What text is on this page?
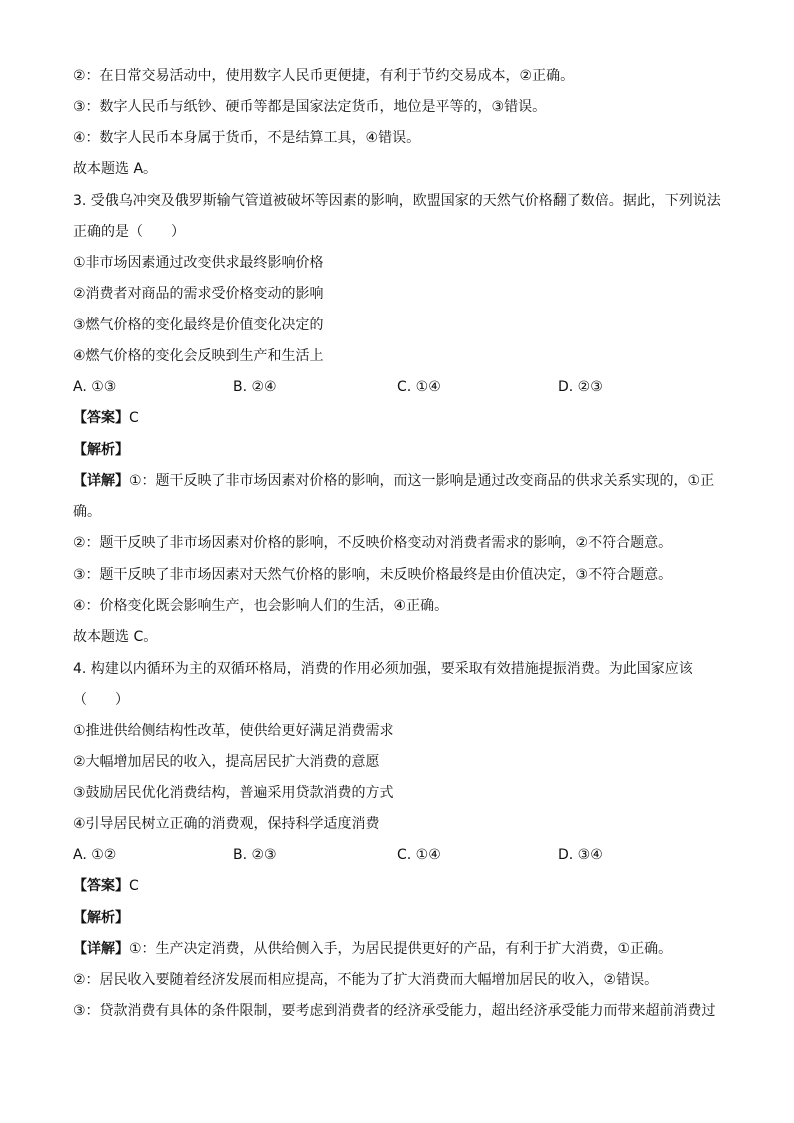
②：在日常交易活动中，使用数字人民币更便捷，有利于节约交易成本，②正确。
③：数字人民币与纸钞、硬币等都是国家法定货币，地位是平等的，③错误。
④：数字人民币本身属于货币，不是结算工具，④错误。
故本题选 A。
3. 受俄乌冲突及俄罗斯输气管道被破坏等因素的影响，欧盟国家的天然气价格翻了数倍。据此，下列说法
正确的是（　　）
①非市场因素通过改变供求最终影响价格
②消费者对商品的需求受价格变动的影响
③燃气价格的变化最终是价值变化决定的
④燃气价格的变化会反映到生产和生活上
A. ①③	B. ②④	C. ①④	D. ②③
【答案】C
【解析】
【详解】①：题干反映了非市场因素对价格的影响，而这一影响是通过改变商品的供求关系实现的，①正
确。
②：题干反映了非市场因素对价格的影响，不反映价格变动对消费者需求的影响，②不符合题意。
③：题干反映了非市场因素对天然气价格的影响，未反映价格最终是由价值决定，③不符合题意。
④：价格变化既会影响生产，也会影响人们的生活，④正确。
故本题选 C。
4. 构建以内循环为主的双循环格局，消费的作用必须加强，要采取有效措施提振消费。为此国家应该
（　　）
①推进供给侧结构性改革，使供给更好满足消费需求
②大幅增加居民的收入，提高居民扩大消费的意愿
③鼓励居民优化消费结构，普遍采用贷款消费的方式
④引导居民树立正确的消费观，保持科学适度消费
A. ①②	B. ②③	C. ①④	D. ③④
【答案】C
【解析】
【详解】①：生产决定消费，从供给侧入手，为居民提供更好的产品，有利于扩大消费，①正确。
②：居民收入要随着经济发展而相应提高，不能为了扩大消费而大幅增加居民的收入，②错误。
③：贷款消费有具体的条件限制，要考虑到消费者的经济承受能力，超出经济承受能力而带来超前消费过
